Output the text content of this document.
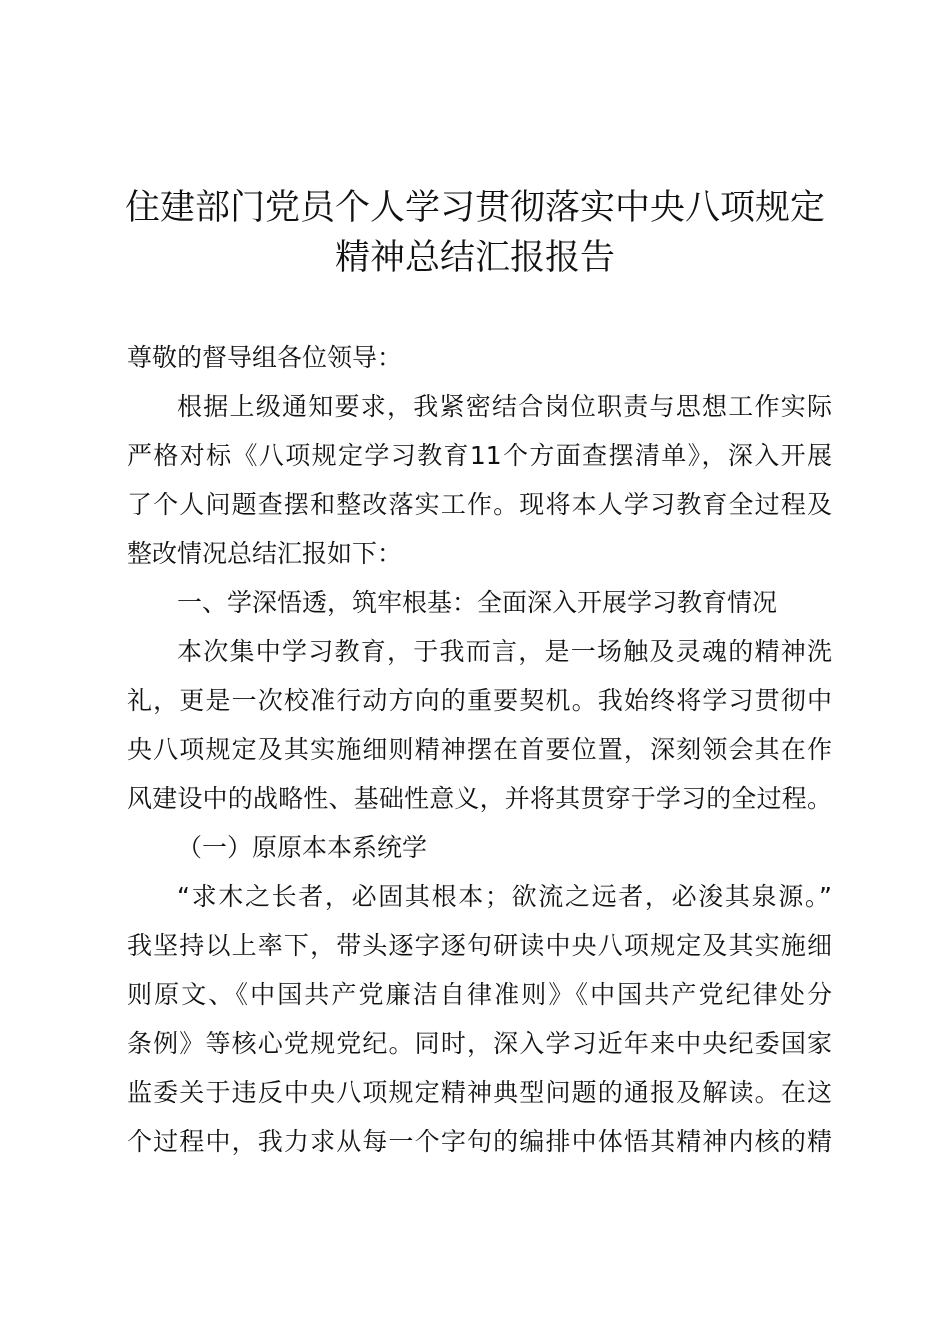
住建部门党员个人学习贯彻落实中央八项规定
精神总结汇报报告
尊敬的督导组各位领导：
根据上级通知要求，我紧密结合岗位职责与思想工作实际
严格对标《八项规定学习教育11个方面查摆清单》，深入开展
了个人问题查摆和整改落实工作。现将本人学习教育全过程及
整改情况总结汇报如下：
一、学深悟透，筑牢根基：全面深入开展学习教育情况
本次集中学习教育，于我而言，是一场触及灵魂的精神洗
礼，更是一次校准行动方向的重要契机。我始终将学习贯彻中
央八项规定及其实施细则精神摆在首要位置，深刻领会其在作
风建设中的战略性、基础性意义，并将其贯穿于学习的全过程。
（一）原原本本系统学
“求木之长者，必固其根本；欲流之远者，必浚其泉源。”
我坚持以上率下，带头逐字逐句研读中央八项规定及其实施细
则原文、《中国共产党廉洁自律准则》《中国共产党纪律处分
条例》等核心党规党纪。同时，深入学习近年来中央纪委国家
监委关于违反中央八项规定精神典型问题的通报及解读。在这
个过程中，我力求从每一个字句的编排中体悟其精神内核的精
